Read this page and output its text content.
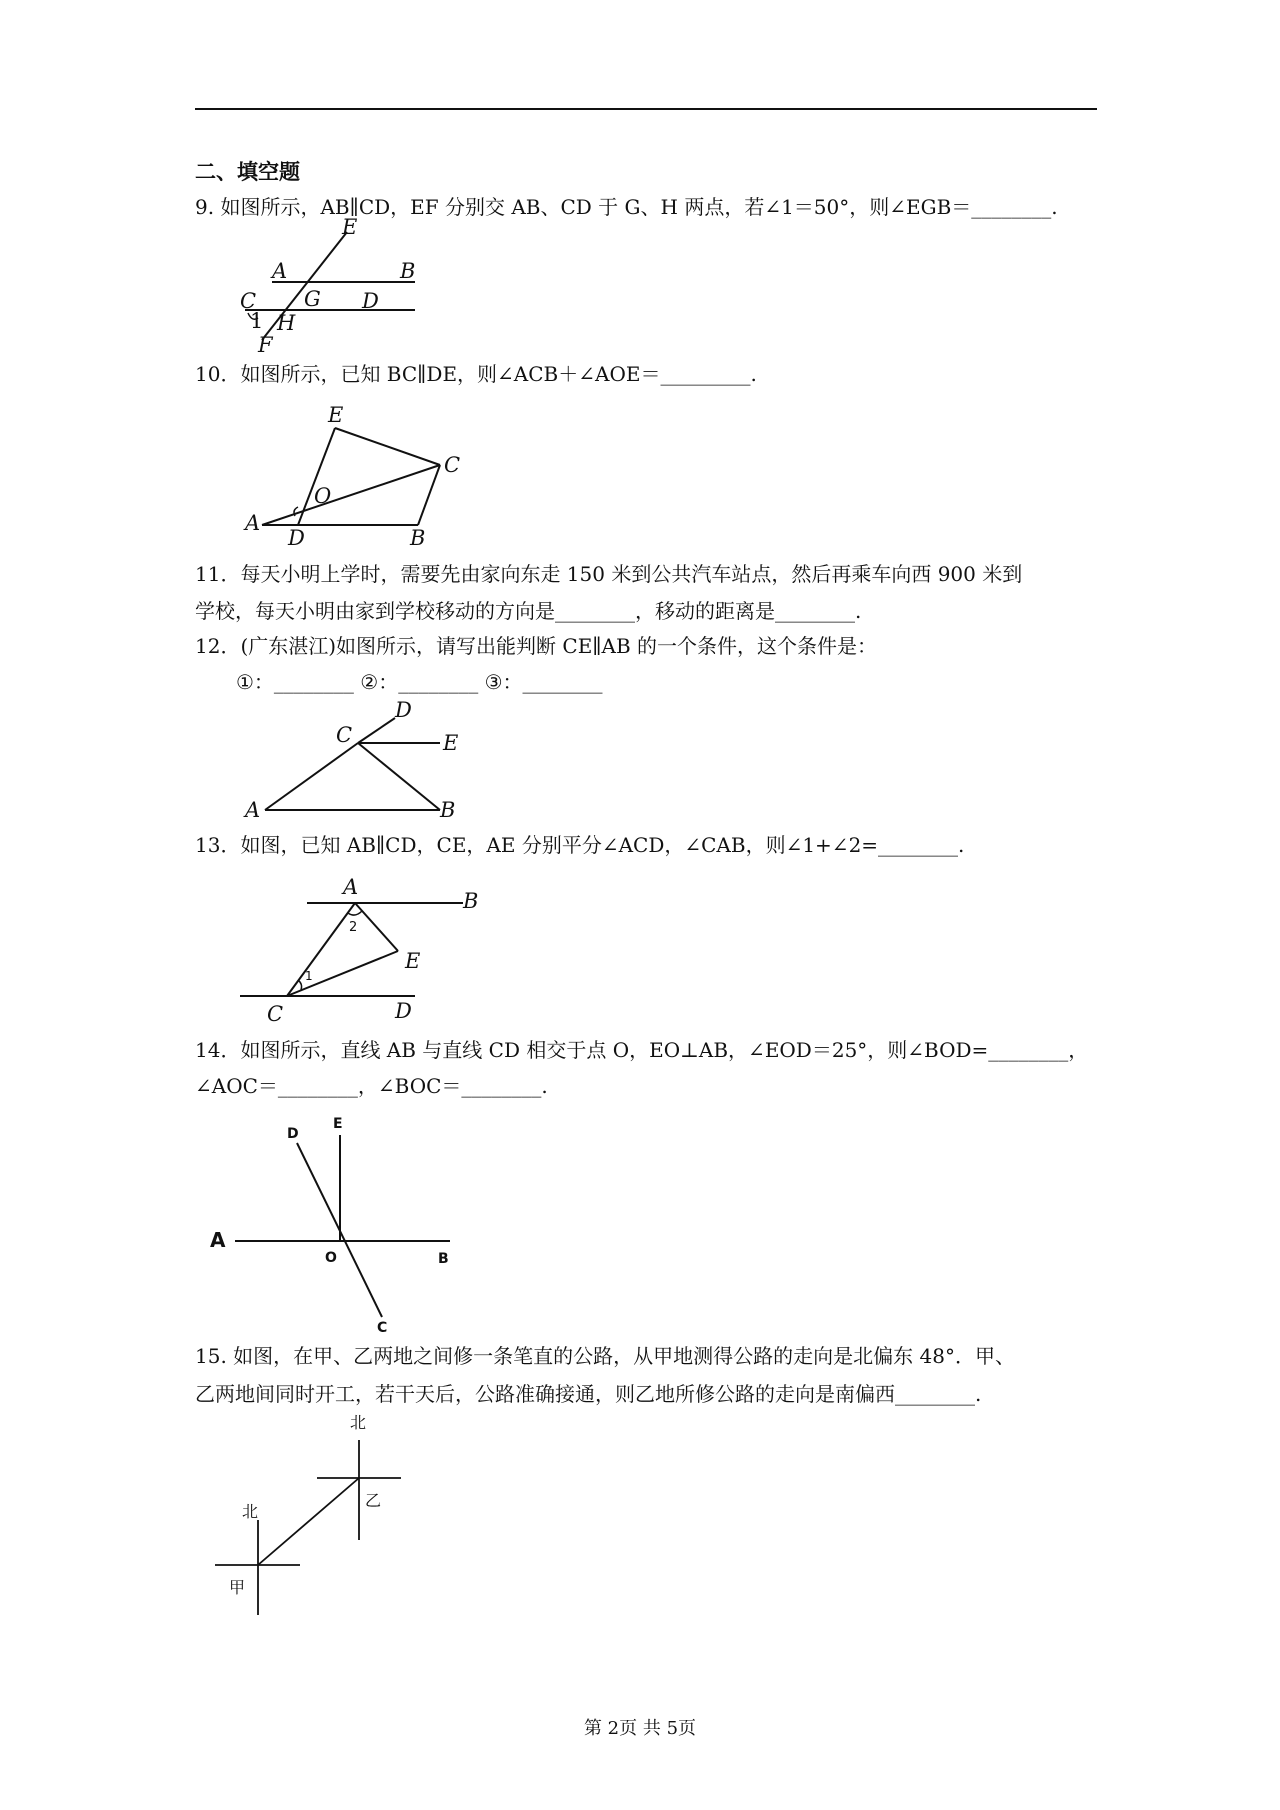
二、填空题
9. 如图所示，AB∥CD，EF 分别交 AB、CD 于 G、H 两点，若∠1＝50°，则∠EGB＝________.
E
A	B
G
C	D
1 H
F
10．如图所示，已知 BC∥DE，则∠ACB＋∠AOE＝_________.
E
C
O
A
D	B
11．每天小明上学时，需要先由家向东走 150 米到公共汽车站点，然后再乘车向西 900 米到
学校，每天小明由家到学校移动的方向是________，移动的距离是________.
12．(广东湛江)如图所示，请写出能判断 CE∥AB 的一个条件，这个条件是：
①：________ ②：________ ③：________
D
C	E
A	B
13．如图，已知 AB∥CD，CE，AE 分别平分∠ACD，∠CAB，则∠1+∠2=________.
A
B
2
E
1
C	D
14．如图所示，直线 AB 与直线 CD 相交于点 O，EO⊥AB，∠EOD＝25°，则∠BOD=________，
∠AOC＝________，∠BOC＝________.
D
E
A
O	B
C
15. 如图，在甲、乙两地之间修一条笔直的公路，从甲地测得公路的走向是北偏东 48°．甲、
乙两地间同时开工，若干天后，公路准确接通，则乙地所修公路的走向是南偏西________.
北
乙
北
甲
第 2页 共 5页
